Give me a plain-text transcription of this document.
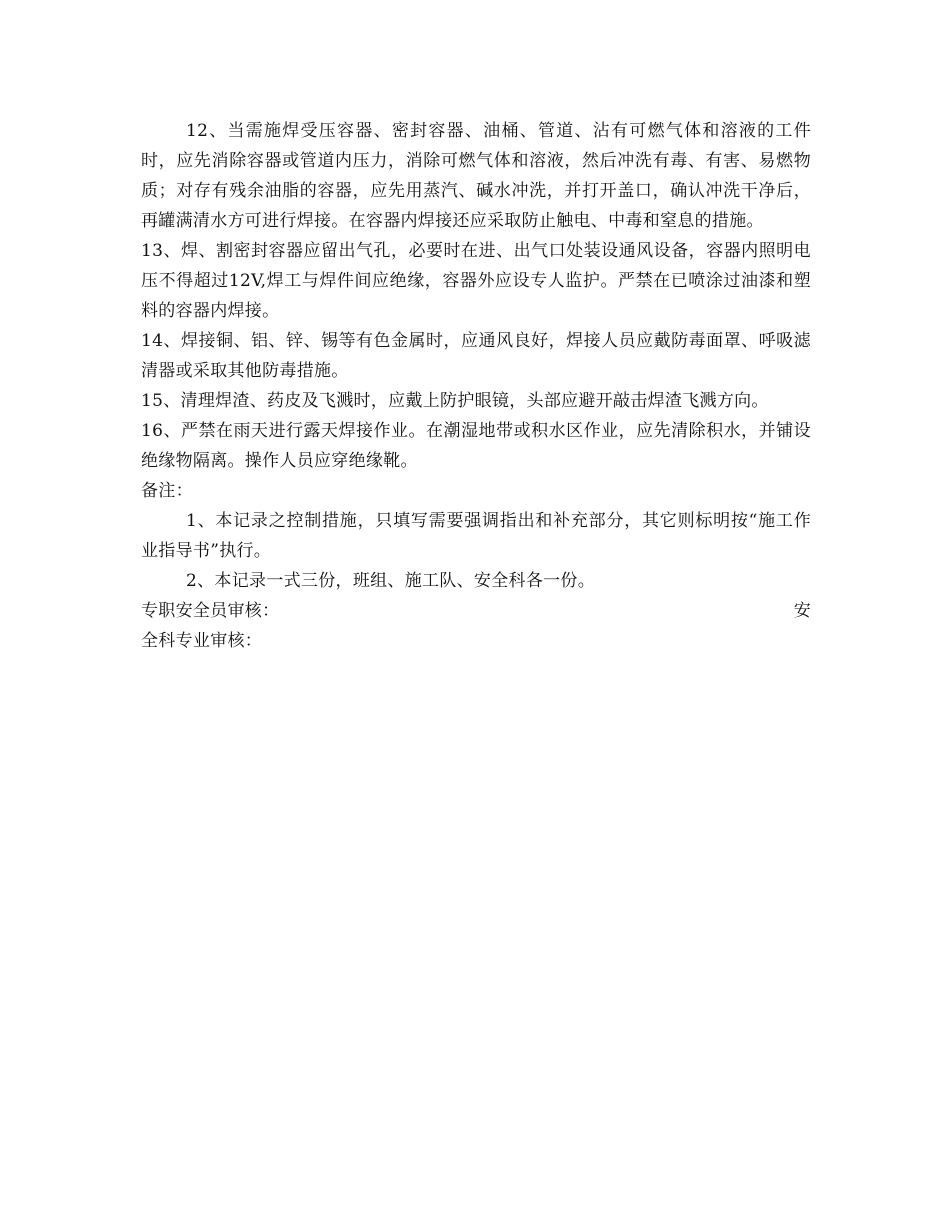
12、当需施焊受压容器、密封容器、油桶、管道、沾有可燃气体和溶液的工件时，应先消除容器或管道内压力，消除可燃气体和溶液，然后冲洗有毒、有害、易燃物质；对存有残余油脂的容器，应先用蒸汽、碱水冲洗，并打开盖口，确认冲洗干净后，再罐满清水方可进行焊接。在容器内焊接还应采取防止触电、中毒和窒息的措施。

13、焊、割密封容器应留出气孔，必要时在进、出气口处装设通风设备，容器内照明电压不得超过12V,焊工与焊件间应绝缘，容器外应设专人监护。严禁在已喷涂过油漆和塑料的容器内焊接。

14、焊接铜、铝、锌、锡等有色金属时，应通风良好，焊接人员应戴防毒面罩、呼吸滤清器或采取其他防毒措施。

15、清理焊渣、药皮及飞溅时，应戴上防护眼镜，头部应避开敲击焊渣飞溅方向。

16、严禁在雨天进行露天焊接作业。在潮湿地带或积水区作业，应先清除积水，并铺设绝缘物隔离。操作人员应穿绝缘靴。

备注：

1、本记录之控制措施，只填写需要强调指出和补充部分，其它则标明按“施工作业指导书”执行。

2、本记录一式三份，班组、施工队、安全科各一份。

专职安全员审核：	安

全科专业审核：
